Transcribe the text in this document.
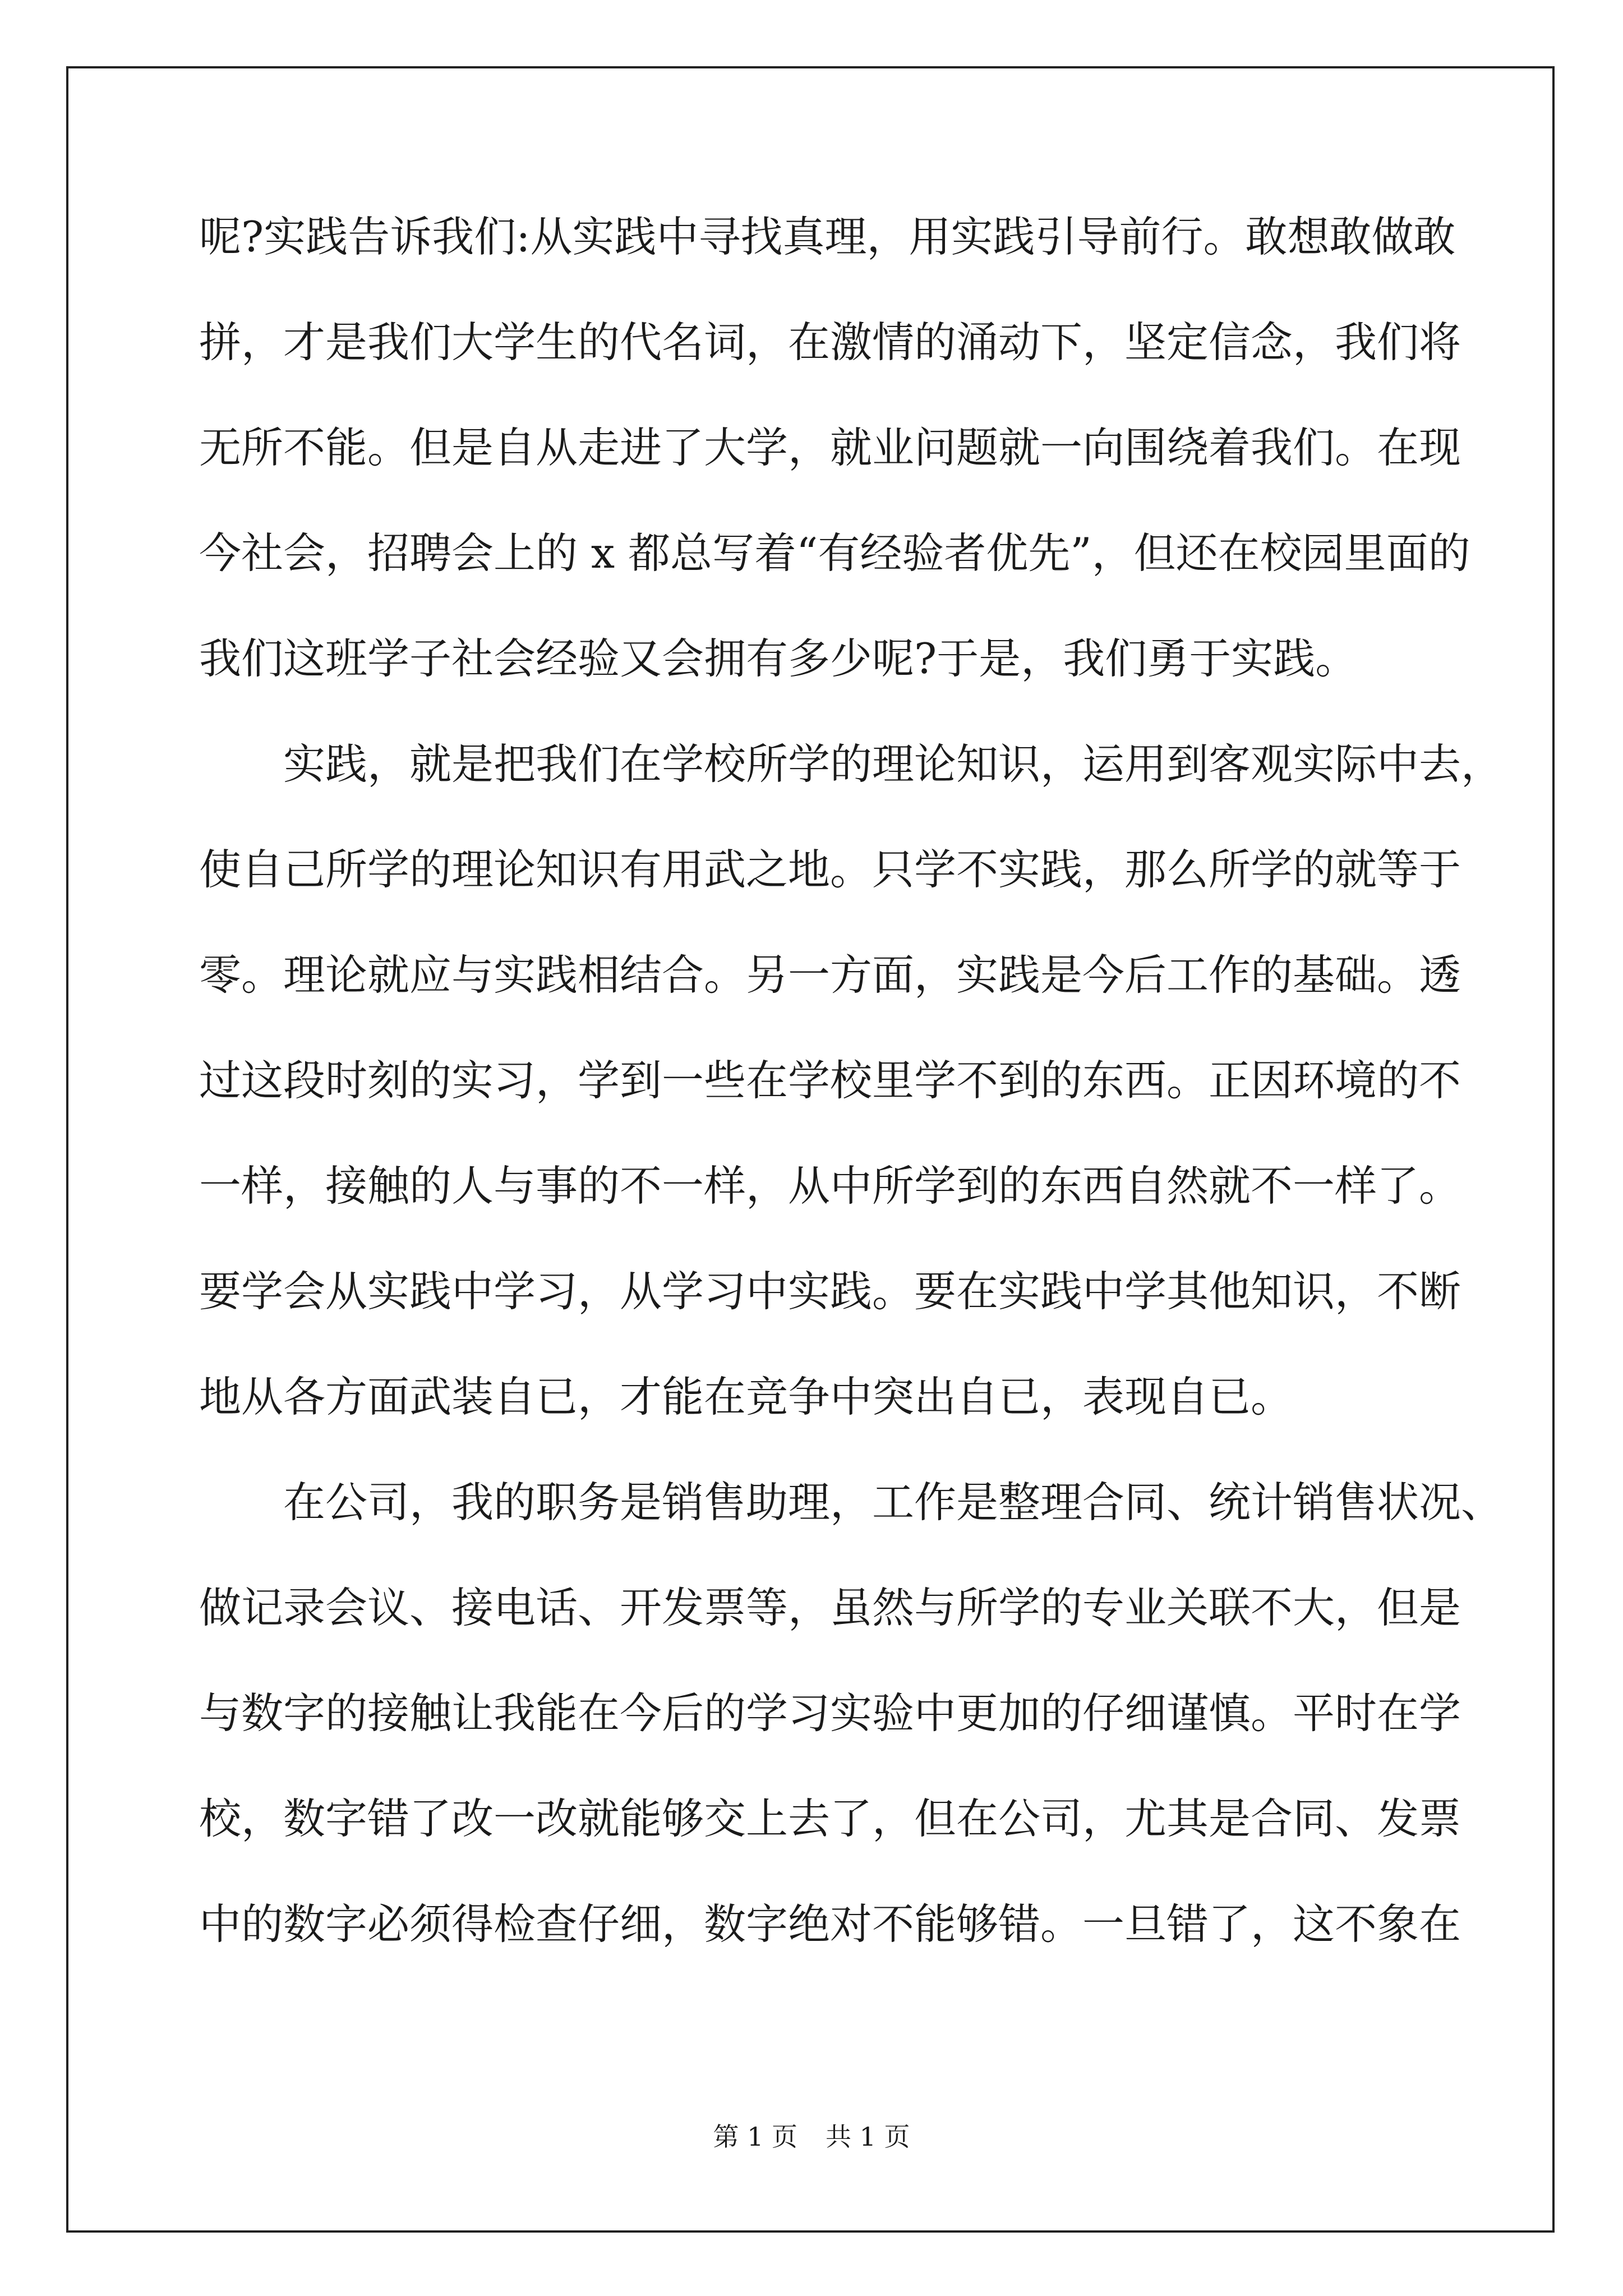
呢?实践告诉我们:从实践中寻找真理，用实践引导前行。敢想敢做敢
拼，才是我们大学生的代名词，在激情的涌动下，坚定信念，我们将
无所不能。但是自从走进了大学，就业问题就一向围绕着我们。在现
今社会，招聘会上的 x 都总写着“有经验者优先”，但还在校园里面的
我们这班学子社会经验又会拥有多少呢?于是，我们勇于实践。
实践，就是把我们在学校所学的理论知识，运用到客观实际中去，
使自己所学的理论知识有用武之地。只学不实践，那么所学的就等于
零。理论就应与实践相结合。另一方面，实践是今后工作的基础。透
过这段时刻的实习，学到一些在学校里学不到的东西。正因环境的不
一样，接触的人与事的不一样，从中所学到的东西自然就不一样了。
要学会从实践中学习，从学习中实践。要在实践中学其他知识，不断
地从各方面武装自已，才能在竞争中突出自已，表现自已。
在公司，我的职务是销售助理，工作是整理合同、统计销售状况、
做记录会议、接电话、开发票等，虽然与所学的专业关联不大，但是
与数字的接触让我能在今后的学习实验中更加的仔细谨慎。平时在学
校，数字错了改一改就能够交上去了，但在公司，尤其是合同、发票
中的数字必须得检查仔细，数字绝对不能够错。一旦错了，这不象在
第 1 页 共 1 页
